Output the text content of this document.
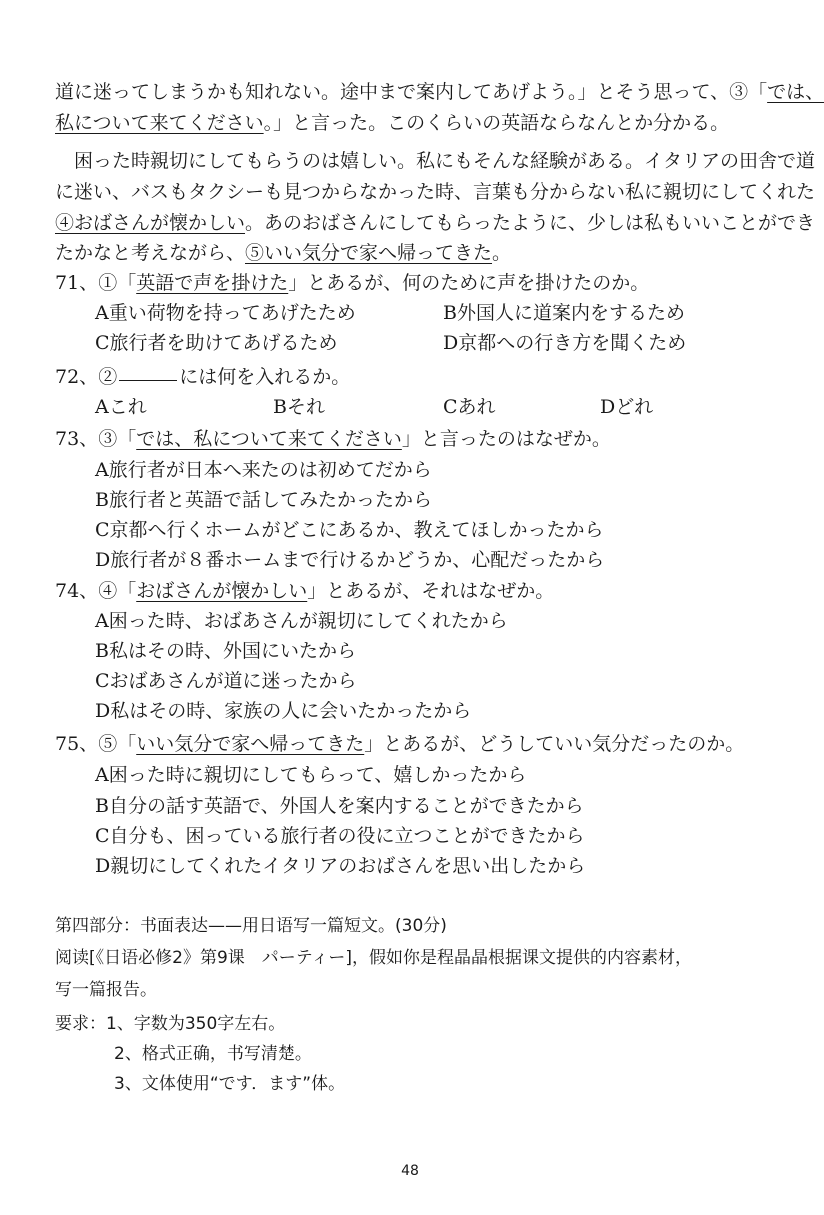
道に迷ってしまうかも知れない。途中まで案内してあげよう。」とそう思って、③「では、
私について来てください。」と言った。このくらいの英語ならなんとか分かる。
困った時親切にしてもらうのは嬉しい。私にもそんな経験がある。イタリアの田舎で道
に迷い、バスもタクシーも見つからなかった時、言葉も分からない私に親切にしてくれた
④おばさんが懐かしい。あのおばさんにしてもらったように、少しは私もいいことができ
たかなと考えながら、⑤いい気分で家へ帰ってきた。
71、①「英語で声を掛けた」とあるが、何のために声を掛けたのか。
A重い荷物を持ってあげたため	B外国人に道案内をするため
C旅行者を助けてあげるため	D京都への行き方を聞くため
72、②	には何を入れるか。
Aこれ	Bそれ	Cあれ	Dどれ
73、③「では、私について来てください」と言ったのはなぜか。
A旅行者が日本へ来たのは初めてだから
B旅行者と英語で話してみたかったから
C京都へ行くホームがどこにあるか、教えてほしかったから
D旅行者が８番ホームまで行けるかどうか、心配だったから
74、④「おばさんが懐かしい」とあるが、それはなぜか。
A困った時、おばあさんが親切にしてくれたから
B私はその時、外国にいたから
Cおばあさんが道に迷ったから
D私はその時、家族の人に会いたかったから
75、⑤「いい気分で家へ帰ってきた」とあるが、どうしていい気分だったのか。
A困った時に親切にしてもらって、嬉しかったから
B自分の話す英語で、外国人を案内することができたから
C自分も、困っている旅行者の役に立つことができたから
D親切にしてくれたイタリアのおばさんを思い出したから
第四部分：书面表达——用日语写一篇短文。(30分)
阅读[《日语必修2》第9课　パーティー]，假如你是程晶晶根据课文提供的内容素材，
写一篇报告。
要求：1、字数为350字左右。
2、格式正确，书写清楚。
3、文体使用“です．ます”体。
48
